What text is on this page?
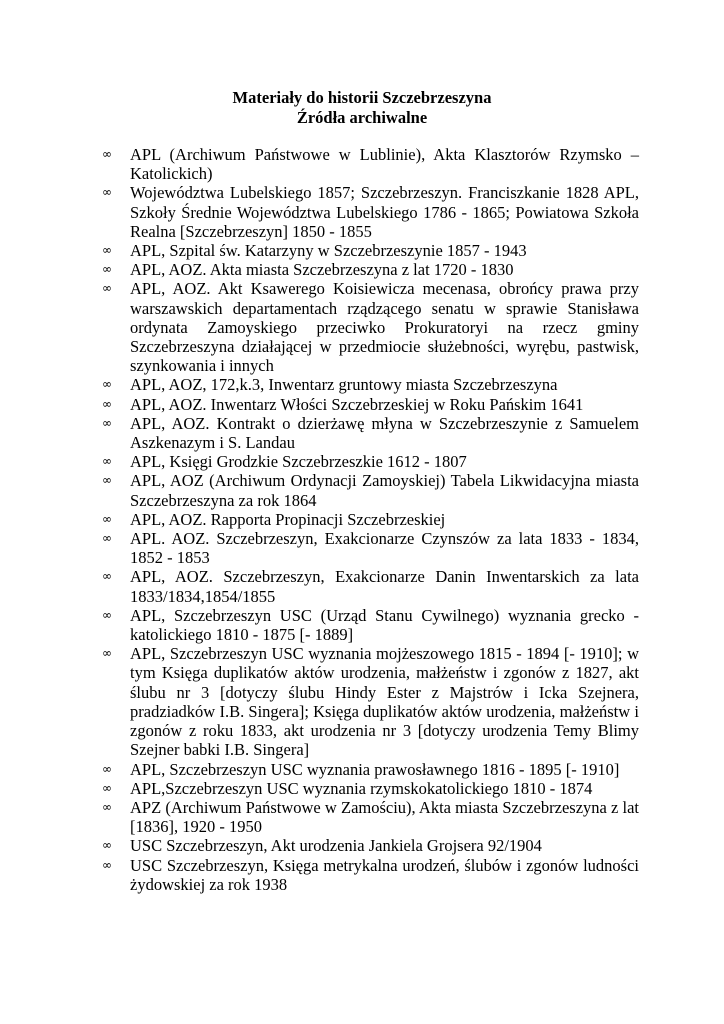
Materiały do historii Szczebrzeszyna

Źródła archiwalne

∞ APL (Archiwum Państwowe w Lublinie), Akta Klasztorów Rzymsko – Katolickich)
∞ Województwa Lubelskiego 1857; Szczebrzeszyn. Franciszkanie 1828 APL, Szkoły Średnie Województwa Lubelskiego 1786 - 1865; Powiatowa Szkoła Realna [Szczebrzeszyn] 1850 - 1855
∞ APL, Szpital św. Katarzyny w Szczebrzeszynie 1857 - 1943
∞ APL, AOZ. Akta miasta Szczebrzeszyna z lat 1720 - 1830
∞ APL, AOZ. Akt Ksawerego Koisiewicza mecenasa, obrońcy prawa przy warszawskich departamentach rządzącego senatu w sprawie Stanisława ordynata Zamoyskiego przeciwko Prokuratoryi na rzecz gminy Szczebrzeszyna działającej w przedmiocie służebności, wyrębu, pastwisk, szynkowania i innych
∞ APL, AOZ, 172,k.3, Inwentarz gruntowy miasta Szczebrzeszyna
∞ APL, AOZ. Inwentarz Włości Szczebrzeskiej w Roku Pańskim 1641
∞ APL, AOZ. Kontrakt o dzierżawę młyna w Szczebrzeszynie z Samuelem Aszkenazym i S. Landau
∞ APL, Księgi Grodzkie Szczebrzeszkie 1612 - 1807
∞ APL, AOZ (Archiwum Ordynacji Zamoyskiej) Tabela Likwidacyjna miasta Szczebrzeszyna za rok 1864
∞ APL, AOZ. Rapporta Propinacji Szczebrzeskiej
∞ APL. AOZ. Szczebrzeszyn, Exakcionarze Czynszów za lata 1833 - 1834, 1852 - 1853
∞ APL, AOZ. Szczebrzeszyn, Exakcionarze Danin Inwentarskich za lata 1833/1834,1854/1855
∞ APL, Szczebrzeszyn USC (Urząd Stanu Cywilnego) wyznania grecko - katolickiego 1810 - 1875 [- 1889]
∞ APL, Szczebrzeszyn USC wyznania mojżeszowego 1815 - 1894 [- 1910]; w tym Księga duplikatów aktów urodzenia, małżeństw i zgonów z 1827, akt ślubu nr 3 [dotyczy ślubu Hindy Ester z Majstrów i Icka Szejnera, pradziadków I.B. Singera]; Księga duplikatów aktów urodzenia, małżeństw i zgonów z roku 1833, akt urodzenia nr 3 [dotyczy urodzenia Temy Blimy Szejner babki I.B. Singera]
∞ APL, Szczebrzeszyn USC wyznania prawosławnego 1816 - 1895 [- 1910]
∞ APL,Szczebrzeszyn USC wyznania rzymskokatolickiego 1810 - 1874
∞ APZ (Archiwum Państwowe w Zamościu), Akta miasta Szczebrzeszyna z lat [1836], 1920 - 1950
∞ USC Szczebrzeszyn, Akt urodzenia Jankiela Grojsera 92/1904
∞ USC Szczebrzeszyn, Księga metrykalna urodzeń, ślubów i zgonów ludności żydowskiej za rok 1938
